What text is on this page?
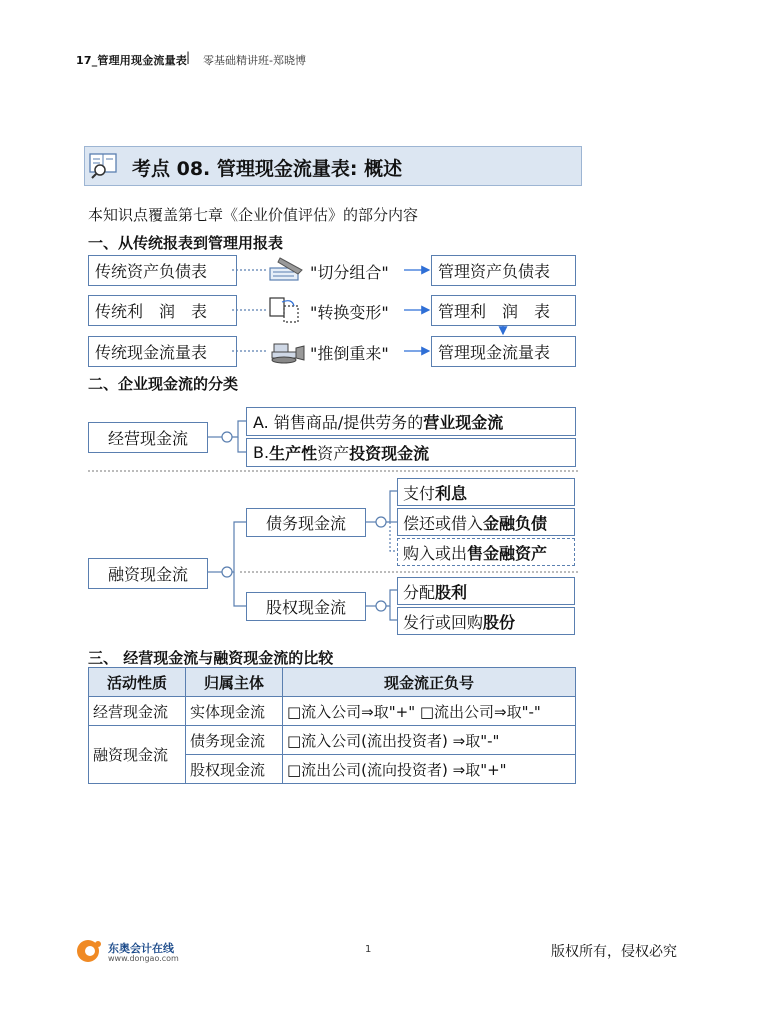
17_管理用现金流量表
| 零基础精讲班-郑晓博
考点 08. 管理现金流量表: 概述
本知识点覆盖第七章《企业价值评估》的部分内容
一、从传统报表到管理用报表
传统资产负债表
传统利　润　表
传统现金流量表
"切分组合"
"转换变形"
"推倒重来"
管理资产负债表
管理利　润　表
管理现金流量表
二、企业现金流的分类
经营现金流
A. 销售商品/提供劳务的 营业现金流
B. 生产性 资产 投资现金流
融资现金流
债务现金流
股权现金流
支付 利息
偿还或借入 金融负债
购入或出 售金融资产
分配 股利
发行或回购 股份
三、 经营现金流与融资现金流的比较
活动性质	归属主体	现金流正负号
经营现金流	实体现金流	□流入公司⇒取"+" □流出公司⇒取"-"
融资现金流	债务现金流	□流入公司(流出投资者) ⇒取"-"
	股权现金流	□流出公司(流向投资者) ⇒取"+"
东奥会计在线
www.dongao.com
1	版权所有，侵权必究
